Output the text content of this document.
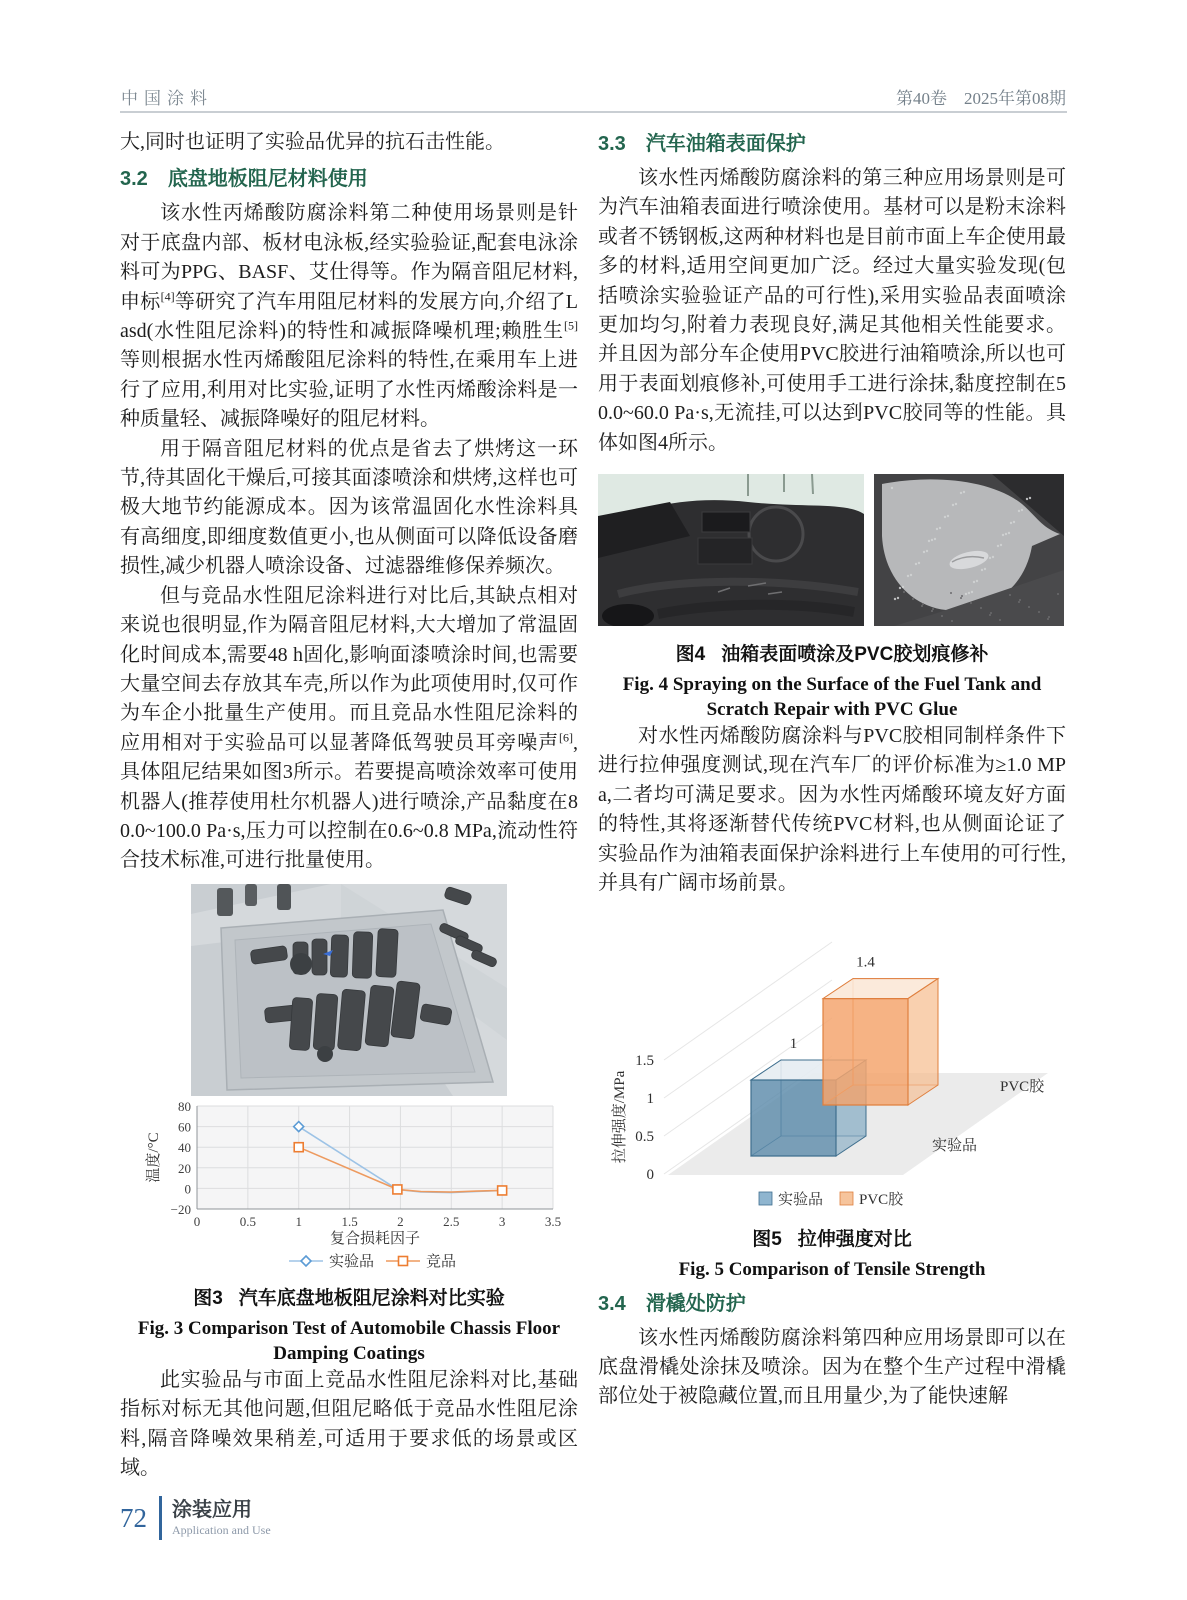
中国涂料	第40卷　2025年第08期

大,同时也证明了实验品优异的抗石击性能。

3.2 底盘地板阻尼材料使用

该水性丙烯酸防腐涂料第二种使用场景则是针对于底盘内部、板材电泳板,经实验验证,配套电泳涂料可为PPG、BASF、艾仕得等。作为隔音阻尼材料,申标[4]等研究了汽车用阻尼材料的发展方向,介绍了Lasd(水性阻尼涂料)的特性和减振降噪机理;赖胜生[5]等则根据水性丙烯酸阻尼涂料的特性,在乘用车上进行了应用,利用对比实验,证明了水性丙烯酸涂料是一种质量轻、减振降噪好的阻尼材料。

用于隔音阻尼材料的优点是省去了烘烤这一环节,待其固化干燥后,可接其面漆喷涂和烘烤,这样也可极大地节约能源成本。因为该常温固化水性涂料具有高细度,即细度数值更小,也从侧面可以降低设备磨损性,减少机器人喷涂设备、过滤器维修保养频次。

但与竞品水性阻尼涂料进行对比后,其缺点相对来说也很明显,作为隔音阻尼材料,大大增加了常温固化时间成本,需要48 h固化,影响面漆喷涂时间,也需要大量空间去存放其车壳,所以作为此项使用时,仅可作为车企小批量生产使用。而且竞品水性阻尼涂料的应用相对于实验品可以显著降低驾驶员耳旁噪声[6],具体阻尼结果如图3所示。若要提高喷涂效率可使用机器人(推荐使用杜尔机器人)进行喷涂,产品黏度在80.0~100.0 Pa·s,压力可以控制在0.6~0.8 MPa,流动性符合技术标准,可进行批量使用。

0	0.5	1	1.5	2	2.5	3	3.5
−20
0
20
40
60
80
温度/°C
复合损耗因子
实验品	竞品

图3 汽车底盘地板阻尼涂料对比实验

Fig. 3 Comparison Test of Automobile Chassis Floor
Damping Coatings

此实验品与市面上竞品水性阻尼涂料对比,基础指标对标无其他问题,但阻尼略低于竞品水性阻尼涂料,隔音降噪效果稍差,可适用于要求低的场景或区域。

3.3 汽车油箱表面保护

该水性丙烯酸防腐涂料的第三种应用场景则是可为汽车油箱表面进行喷涂使用。基材可以是粉末涂料或者不锈钢板,这两种材料也是目前市面上车企使用最多的材料,适用空间更加广泛。经过大量实验发现(包括喷涂实验验证产品的可行性),采用实验品表面喷涂更加均匀,附着力表现良好,满足其他相关性能要求。并且因为部分车企使用PVC胶进行油箱喷涂,所以也可用于表面划痕修补,可使用手工进行涂抹,黏度控制在50.0~60.0 Pa·s,无流挂,可以达到PVC胶同等的性能。具体如图4所示。

图4 油箱表面喷涂及PVC胶划痕修补

Fig. 4 Spraying on the Surface of the Fuel Tank and
Scratch Repair with PVC Glue

对水性丙烯酸防腐涂料与PVC胶相同制样条件下进行拉伸强度测试,现在汽车厂的评价标准为≥1.0 MPa,二者均可满足要求。因为水性丙烯酸环境友好方面的特性,其将逐渐替代传统PVC材料,也从侧面论证了实验品作为油箱表面保护涂料进行上车使用的可行性,并具有广阔市场前景。

0
0.5
1
1.5
拉伸强度/MPa
1
1.4
实验品
PVC胶
实验品 PVC胶

图5 拉伸强度对比

Fig. 5 Comparison of Tensile Strength

3.4 滑橇处防护

该水性丙烯酸防腐涂料第四种应用场景即可以在底盘滑橇处涂抹及喷涂。因为在整个生产过程中滑橇部位处于被隐藏位置,而且用量少,为了能快速解

72 涂装应用
Application and Use
